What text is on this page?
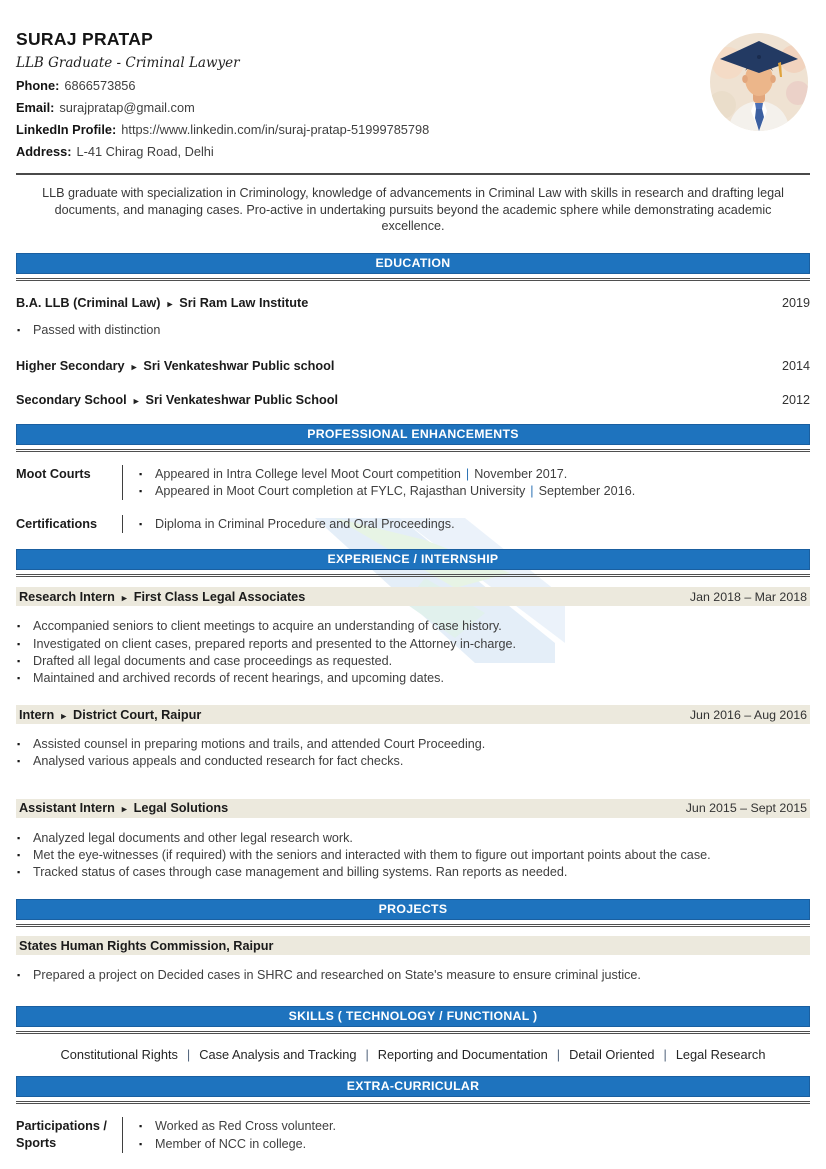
SURAJ PRATAP
LLB Graduate - Criminal Lawyer
Phone: 6866573856
Email: surajpratap@gmail.com
LinkedIn Profile: https://www.linkedin.com/in/suraj-pratap-51999785798
Address: L-41 Chirag Road, Delhi
LLB graduate with specialization in Criminology, knowledge of advancements in Criminal Law with skills in research and drafting legal documents, and managing cases. Pro-active in undertaking pursuits beyond the academic sphere while demonstrating academic excellence.
EDUCATION
B.A. LLB (Criminal Law) ▸ Sri Ram Law Institute	2019
▪ Passed with distinction
Higher Secondary ▸ Sri Venkateshwar Public school	2014
Secondary School ▸ Sri Venkateshwar Public School	2012
PROFESSIONAL ENHANCEMENTS
Moot Courts	▪ Appeared in Intra College level Moot Court competition | November 2017.
▪ Appeared in Moot Court completion at FYLC, Rajasthan University | September 2016.
Certifications	▪ Diploma in Criminal Procedure and Oral Proceedings.
EXPERIENCE / INTERNSHIP
Research Intern ▸ First Class Legal Associates	Jan 2018 – Mar 2018
▪ Accompanied seniors to client meetings to acquire an understanding of case history.
▪ Investigated on client cases, prepared reports and presented to the Attorney in-charge.
▪ Drafted all legal documents and case proceedings as requested.
▪ Maintained and archived records of recent hearings, and upcoming dates.
Intern ▸ District Court, Raipur	Jun 2016 – Aug 2016
▪ Assisted counsel in preparing motions and trails, and attended Court Proceeding.
▪ Analysed various appeals and conducted research for fact checks.
Assistant Intern ▸ Legal Solutions	Jun 2015 – Sept 2015
▪ Analyzed legal documents and other legal research work.
▪ Met the eye-witnesses (if required) with the seniors and interacted with them to figure out important points about the case.
▪ Tracked status of cases through case management and billing systems. Ran reports as needed.
PROJECTS
States Human Rights Commission, Raipur
▪ Prepared a project on Decided cases in SHRC and researched on State's measure to ensure criminal justice.
SKILLS ( TECHNOLOGY / FUNCTIONAL )
Constitutional Rights | Case Analysis and Tracking | Reporting and Documentation | Detail Oriented | Legal Research
EXTRA-CURRICULAR
Participations / Sports
▪ Worked as Red Cross volunteer.
▪ Member of NCC in college.
